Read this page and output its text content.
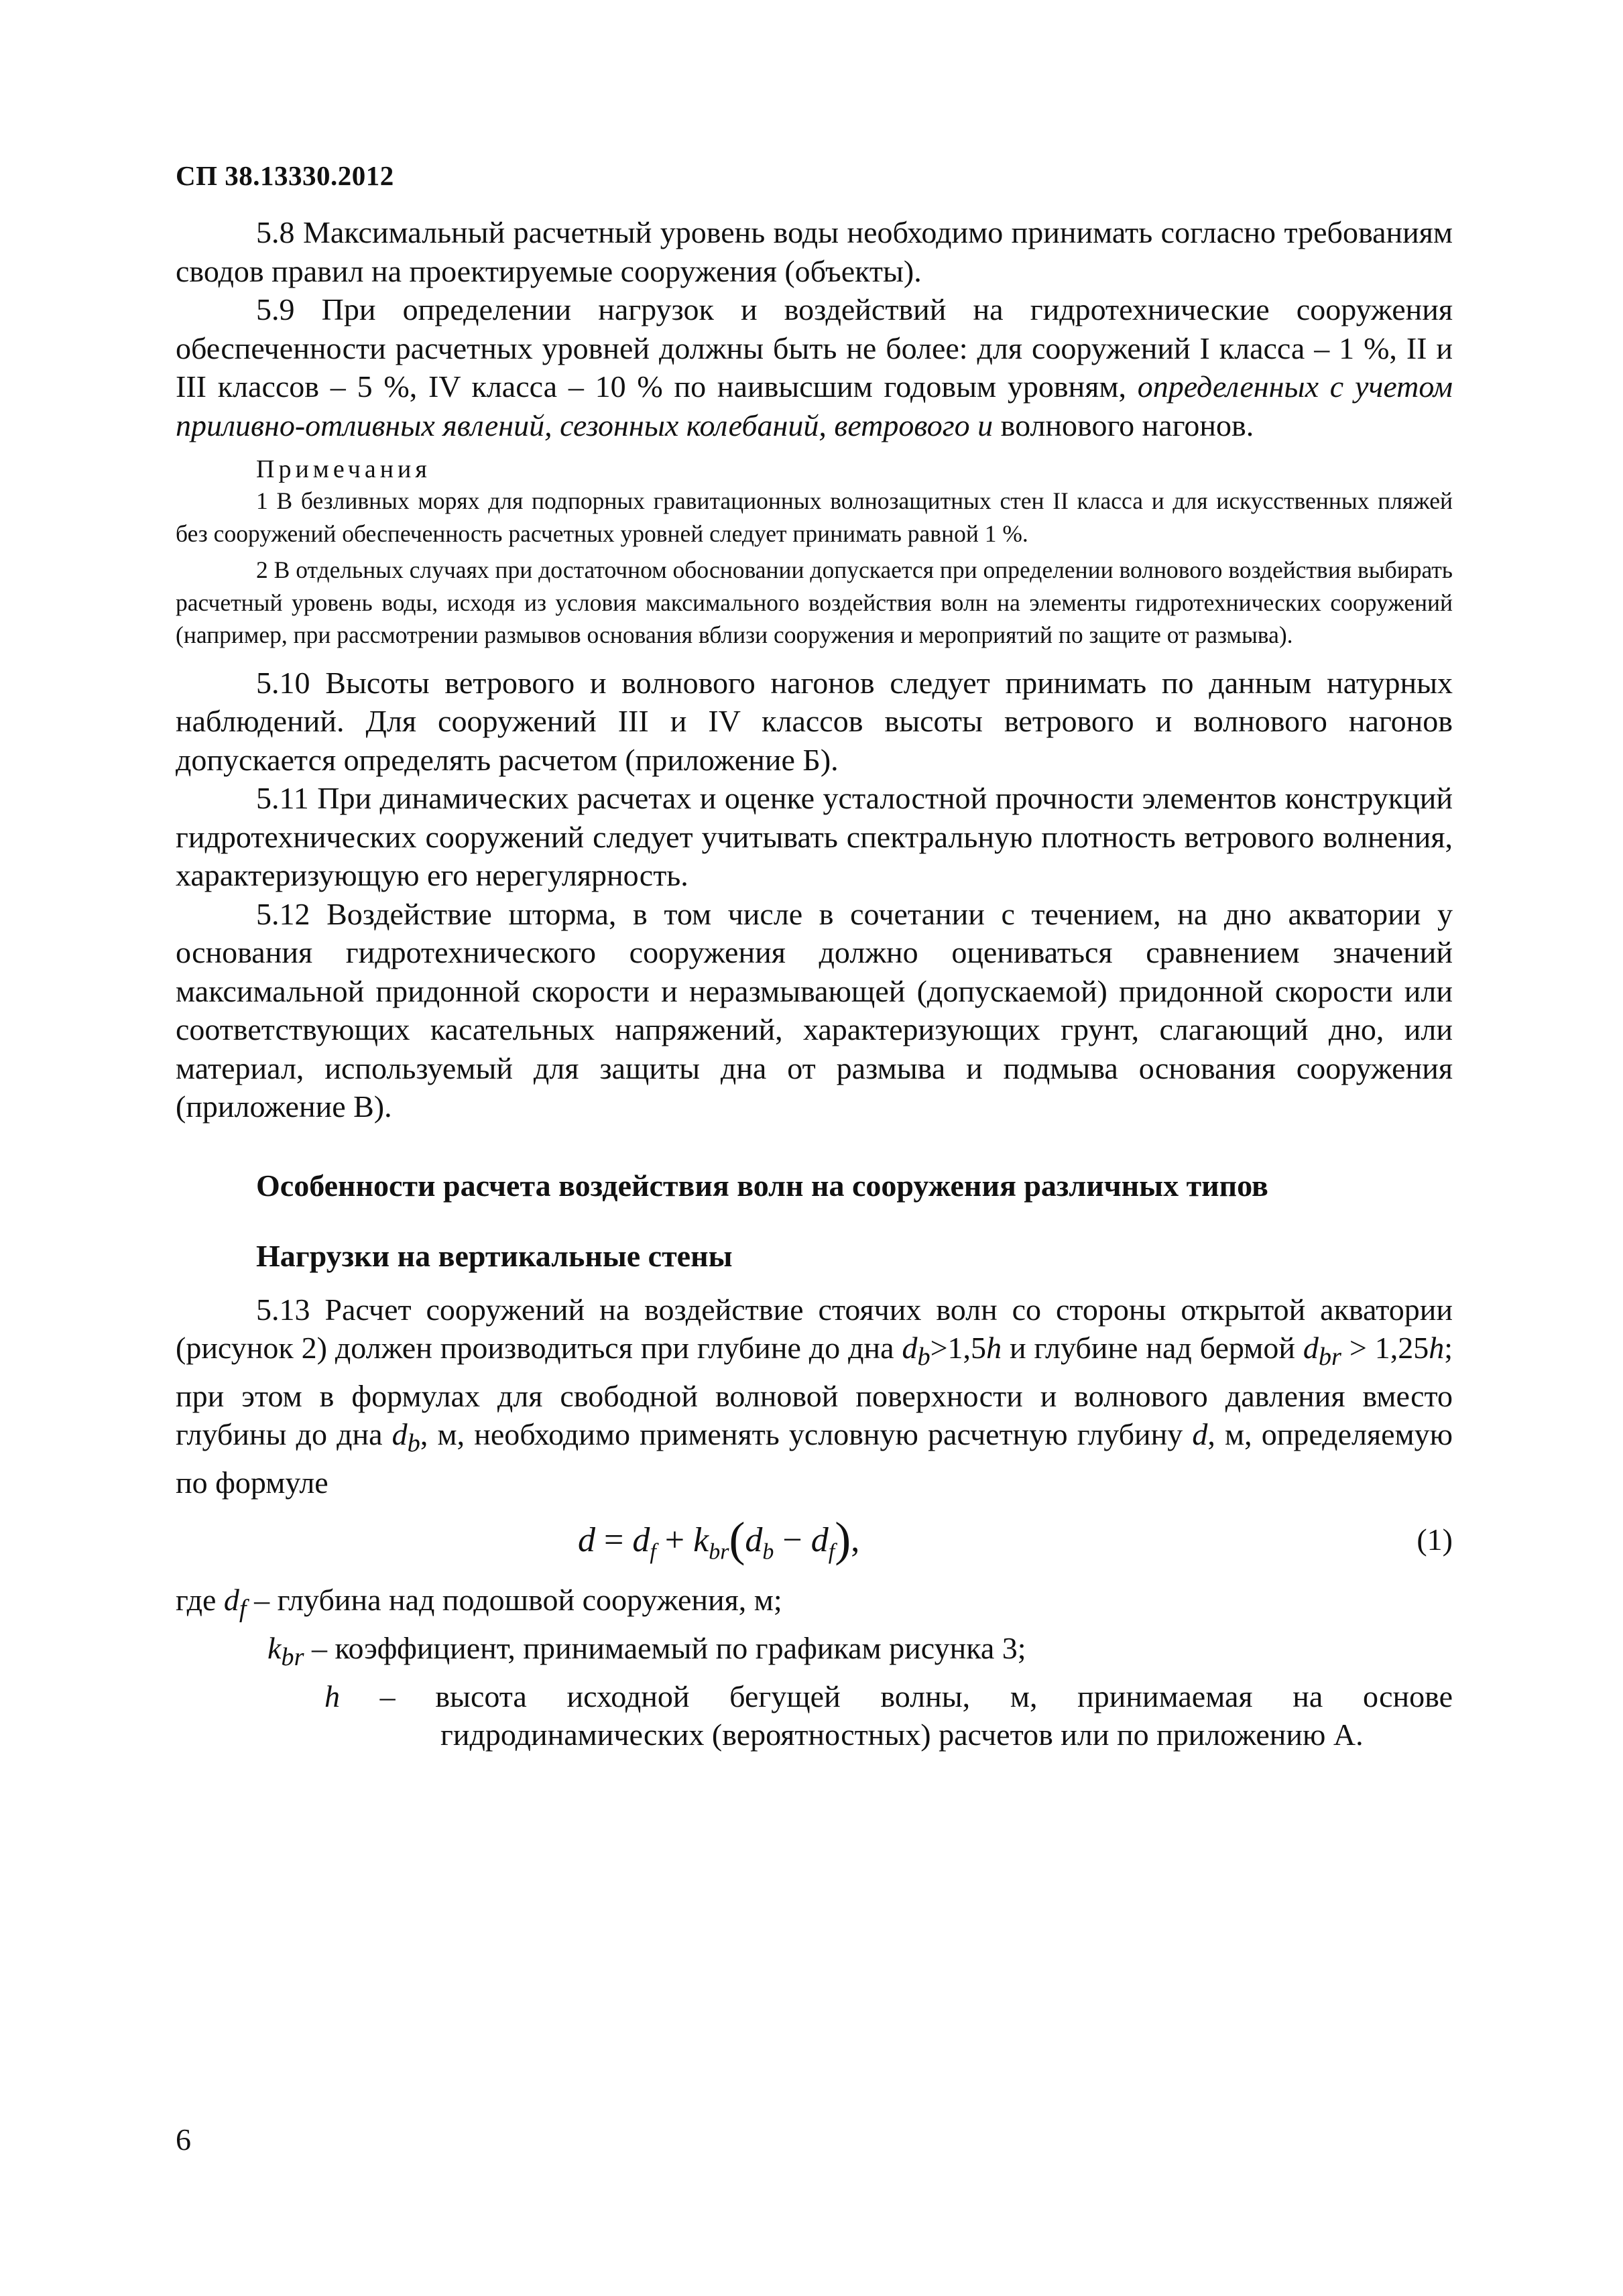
СП 38.13330.2012

5.8 Максимальный расчетный уровень воды необходимо принимать согласно требованиям сводов правил на проектируемые сооружения (объекты).

5.9 При определении нагрузок и воздействий на гидротехнические сооружения обеспеченности расчетных уровней должны быть не более: для сооружений I класса – 1 %, II и III классов – 5 %, IV класса – 10 % по наивысшим годовым уровням, определенных с учетом приливно-отливных явлений, сезонных колебаний, ветрового и волнового нагонов.

Примечания

1 В безливных морях для подпорных гравитационных волнозащитных стен II класса и для искусственных пляжей без сооружений обеспеченность расчетных уровней следует принимать равной 1 %.

2 В отдельных случаях при достаточном обосновании допускается при определении волнового воздействия выбирать расчетный уровень воды, исходя из условия максимального воздействия волн на элементы гидротехнических сооружений (например, при рассмотрении размывов основания вблизи сооружения и мероприятий по защите от размыва).

5.10 Высоты ветрового и волнового нагонов следует принимать по данным натурных наблюдений. Для сооружений III и IV классов высоты ветрового и волнового нагонов допускается определять расчетом (приложение Б).

5.11 При динамических расчетах и оценке усталостной прочности элементов конструкций гидротехнических сооружений следует учитывать спектральную плотность ветрового волнения, характеризующую его нерегулярность.

5.12 Воздействие шторма, в том числе в сочетании с течением, на дно акватории у основания гидротехнического сооружения должно оцениваться сравнением значений максимальной придонной скорости и неразмывающей (допускаемой) придонной скорости или соответствующих касательных напряжений, характеризующих грунт, слагающий дно, или материал, используемый для защиты дна от размыва и подмыва основания сооружения (приложение В).

Особенности расчета воздействия волн на сооружения различных типов
Нагрузки на вертикальные стены

5.13 Расчет сооружений на воздействие стоячих волн со стороны открытой акватории (рисунок 2) должен производиться при глубине до дна $d_b>1,5h$ и глубине над бермой $d_{br} > 1,25h$; при этом в формулах для свободной волновой поверхности и волнового давления вместо глубины до дна $d_b$, м, необходимо применять условную расчетную глубину d, м, определяемую по формуле

$d = d_f + k_{br}(d_b - d_f)$,	(1)
где $d_f$ – глубина над подошвой сооружения, м;
$k_{br}$ – коэффициент, принимаемый по графикам рисунка 3;
h – высота исходной бегущей волны, м, принимаемая на основе
гидродинамических (вероятностных) расчетов или по приложению А.
6
